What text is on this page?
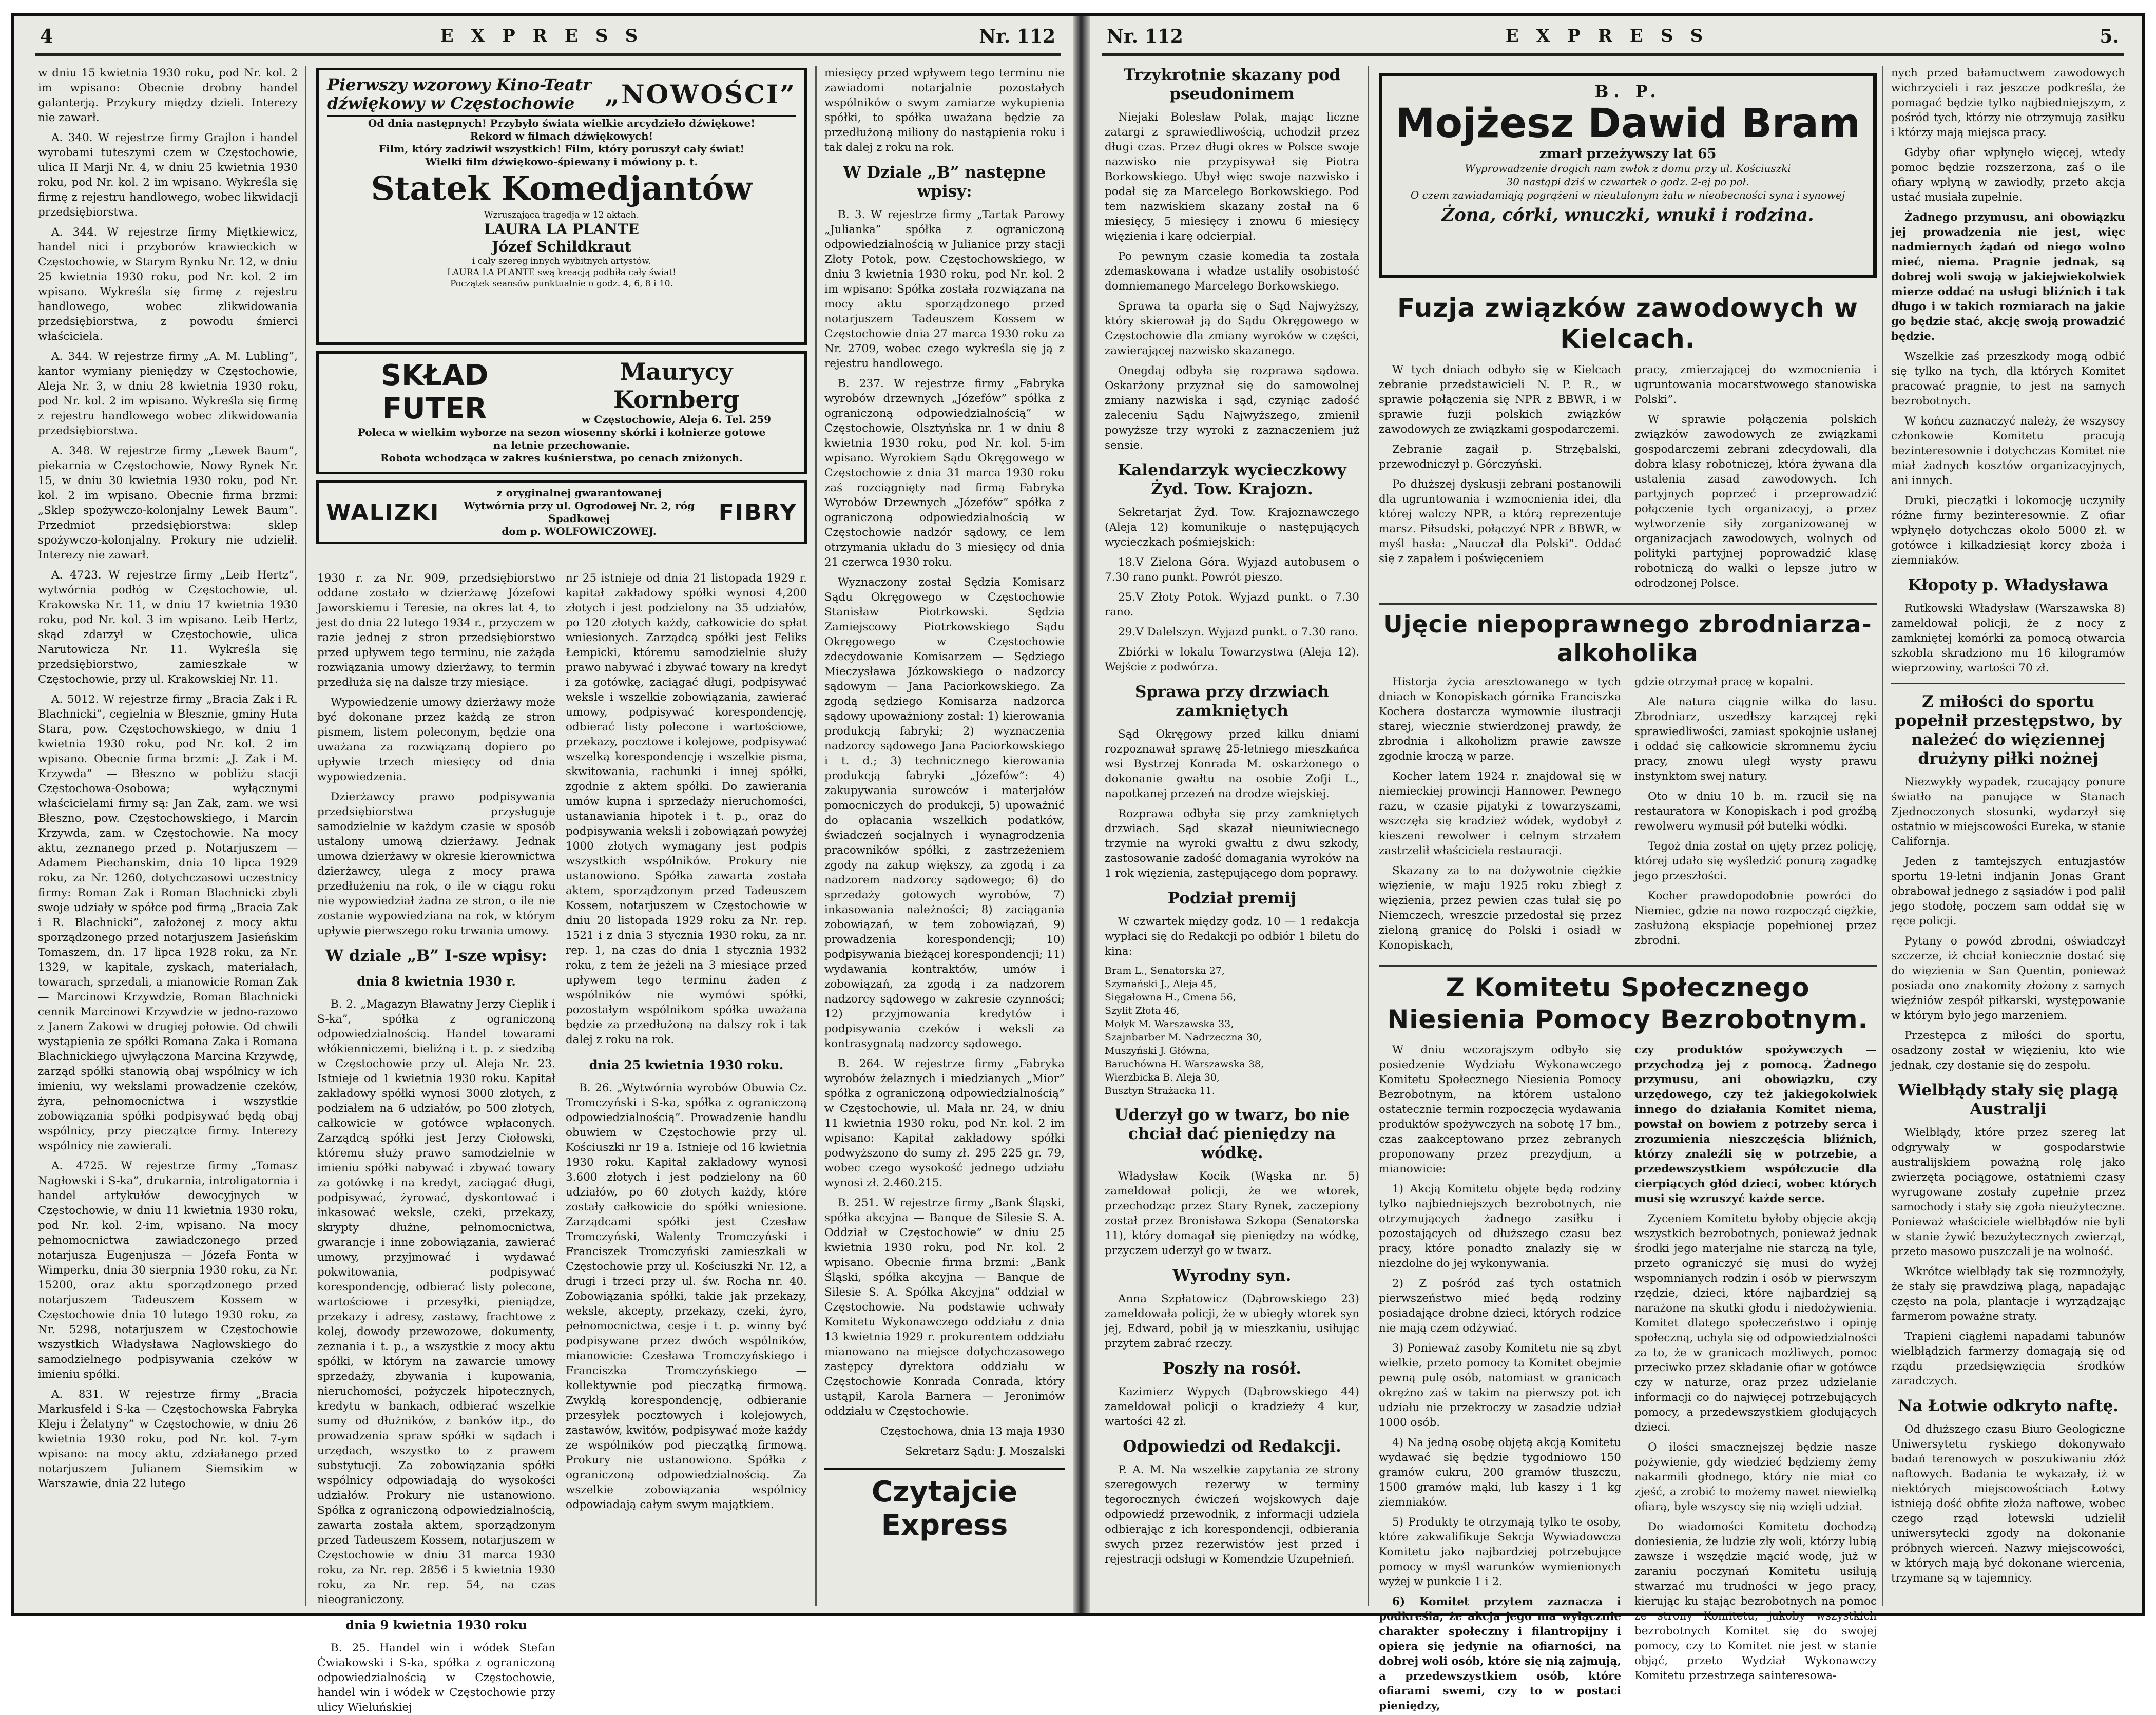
4	EXPRESS	Nr. 112

w dniu 15 kwietnia 1930 roku, pod Nr. kol. 2 im wpisano: Obecnie drobny handel galanterją. Przykury między dzieli. Interezy nie zawarł.

A. 340. W rejestrze firmy Grajlon i handel wyrobami tuteszymi czem w Częstochowie, ulica II Marji Nr. 4, w dniu 25 kwietnia 1930 roku, pod Nr. kol. 2 im wpisano. Wykreśla się firmę z rejestru handlowego, wobec likwidacji przedsiębiorstwa.

A. 344. W rejestrze firmy Miętkiewicz, handel nici i przyborów krawieckich w Częstochowie, w Starym Rynku Nr. 12, w dniu 25 kwietnia 1930 roku, pod Nr. kol. 2 im wpisano. Wykreśla się firmę z rejestru handlowego, wobec zlikwidowania przedsiębiorstwa, z powodu śmierci właściciela.

A. 344. W rejestrze firmy „A. M. Lubling”, kantor wymiany pieniędzy w Częstochowie, Aleja Nr. 3, w dniu 28 kwietnia 1930 roku, pod Nr. kol. 2 im wpisano. Wykreśla się firmę z rejestru handlowego wobec zlikwidowania przedsiębiorstwa.

A. 348. W rejestrze firmy „Lewek Baum”, piekarnia w Częstochowie, Nowy Rynek Nr. 15, w dniu 30 kwietnia 1930 roku, pod Nr. kol. 2 im wpisano. Obecnie firma brzmi: „Sklep spożywczo-kolonjalny Lewek Baum”. Przedmiot przedsiębiorstwa: sklep spożywczo-kolonjalny. Prokury nie udzielił. Interezy nie zawarł.

A. 4723. W rejestrze firmy „Leib Hertz”, wytwórnia podłóg w Częstochowie, ul. Krakowska Nr. 11, w dniu 17 kwietnia 1930 roku, pod Nr. kol. 3 im wpisano. Leib Hertz, skąd zdarzył w Częstochowie, ulica Narutowicza Nr. 11. Wykreśla się przedsiębiorstwo, zamieszkałe w Częstochowie, przy ul. Krakowskiej Nr. 11.

A. 5012. W rejestrze firmy „Bracia Zak i R. Blachnicki”, cegielnia w Błesznie, gminy Huta Stara, pow. Częstochowskiego, w dniu 1 kwietnia 1930 roku, pod Nr. kol. 2 im wpisano. Obecnie firma brzmi: „J. Zak i M. Krzywda” — Błeszno w pobliżu stacji Częstochowa-Osobowa; wyłącznymi właścicielami firmy są: Jan Zak, zam. we wsi Błeszno, pow. Częstochowskiego, i Marcin Krzywda, zam. w Częstochowie. Na mocy aktu, zeznanego przed p. Notarjuszem — Adamem Piechanskim, dnia 10 lipca 1929 roku, za Nr. 1260, dotychczasowi uczestnicy firmy: Roman Zak i Roman Blachnicki zbyli swoje udziały w spółce pod firmą „Bracia Zak i R. Blachnicki”, założonej z mocy aktu sporządzonego przed notarjuszem Jasieńskim Tomaszem, dn. 17 lipca 1928 roku, za Nr. 1329, w kapitale, zyskach, materiałach, towarach, sprzedali, a mianowicie Roman Zak — Marcinowi Krzywdzie, Roman Blachnicki cennik Marcinowi Krzywdzie w jedno-razowo z Janem Zakowi w drugiej połowie. Od chwili wystąpienia ze spółki Romana Zaka i Romana Blachnickiego ujwyłączona Marcina Krzywdę, zarząd spółki stanowią obaj wspólnicy w ich imieniu, wy wekslami prowadzenie czeków, żyra, pełnomocnictwa i wszystkie zobowiązania spółki podpisywać będą obaj wspólnicy, przy pieczątce firmy. Interezy wspólnicy nie zawierali.

A. 4725. W rejestrze firmy „Tomasz Nagłowski i S-ka”, drukarnia, introligatornia i handel artykułów dewocyjnych w Częstochowie, w dniu 11 kwietnia 1930 roku, pod Nr. kol. 2-im, wpisano. Na mocy pełnomocnictwa zawiadczonego przed notarjusza Eugenjusza — Józefa Fonta w Wimperku, dnia 30 sierpnia 1930 roku, za Nr. 15200, oraz aktu sporządzonego przed notarjuszem Tadeuszem Kossem w Częstochowie dnia 10 lutego 1930 roku, za Nr. 5298, notarjuszem w Częstochowie wszystkich Władysława Nagłowskiego do samodzielnego podpisywania czeków w imieniu spółki.

A. 831. W rejestrze firmy „Bracia Markusfeld i S-ka — Częstochowska Fabryka Kleju i Żelatyny” w Częstochowie, w dniu 26 kwietnia 1930 roku, pod Nr. kol. 7-ym wpisano: na mocy aktu, zdziałanego przed notarjuszem Julianem Siemsikim w Warszawie, dnia 22 lutego

Pierwszy wzorowy Kino-Teatr
dźwiękowy w Częstochowie	„NOWOŚCI”
Od dnia następnych! Przybyło świata wielkie arcydzieło dźwiękowe!
Rekord w filmach dźwiękowych!
Film, który zadziwił wszystkich! Film, który poruszył cały świat!
Wielki film dźwiękowo-śpiewany i mówiony p. t.
Statek Komedjantów
Wzruszająca tragedja w 12 aktach.
LAURA LA PLANTE
Józef Schildkraut
i cały szereg innych wybitnych artystów.
LAURA LA PLANTE swą kreacją podbiła cały świat!
Początek seansów punktualnie o godz. 4, 6, 8 i 10.
SKŁAD FUTER
Maurycy Kornberg
w Częstochowie, Aleja 6. Tel. 259
Poleca w wielkim wyborze na sezon wiosenny skórki i kołnierze gotowe
na letnie przechowanie.
Robota wchodząca w zakres kuśnierstwa, po cenach zniżonych.
WALIZKI
z oryginalnej gwarantowanej
Wytwórnia przy ul. Ogrodowej Nr. 2, róg Spadkowej
dom p. WOLFOWICZOWEJ.
FIBRY

1930 r. za Nr. 909, przedsiębiorstwo oddane zostało w dzierżawę Józefowi Jaworskiemu i Teresie, na okres lat 4, to jest do dnia 22 lutego 1934 r., przyczem w razie jednej z stron przedsiębiorstwo przed upływem tego terminu, nie zażąda rozwiązania umowy dzierżawy, to termin przedłuża się na dalsze trzy miesiące.

Wypowiedzenie umowy dzierżawy może być dokonane przez każdą ze stron pismem, listem poleconym, będzie ona uważana za rozwiązaną dopiero po upływie trzech miesięcy od dnia wypowiedzenia.

Dzierżawcy prawo podpisywania przedsiębiorstwa przysługuje samodzielnie w każdym czasie w sposób ustalony umową dzierżawy. Jednak umowa dzierżawy w okresie kierownictwa dzierżawcy, ulega z mocy prawa przedłużeniu na rok, o ile w ciągu roku nie wypowiedział żadna ze stron, o ile nie zostanie wypowiedziana na rok, w którym upływie pierwszego roku trwania umowy.

W dziale „B” I-sze wpisy:
dnia 8 kwietnia 1930 r.

B. 2. „Magazyn Bławatny Jerzy Cieplik i S-ka”, spółka z ograniczoną odpowiedzialnością. Handel towarami włókienniczemi, bieliźną i t. p. z siedzibą w Częstochowie przy ul. Aleja Nr. 23. Istnieje od 1 kwietnia 1930 roku. Kapitał zakładowy spółki wynosi 3000 złotych, z podziałem na 6 udziałów, po 500 złotych, całkowicie w gotówce wpłaconych. Zarządcą spółki jest Jerzy Ciołowski, któremu służy prawo samodzielnie w imieniu spółki nabywać i zbywać towary za gotówkę i na kredyt, zaciągać długi, podpisywać, żyrować, dyskontować i inkasować weksle, czeki, przekazy, skrypty dłużne, pełnomocnictwa, gwarancje i inne zobowiązania, zawierać umowy, przyjmować i wydawać pokwitowania, podpisywać korespondencję, odbierać listy polecone, wartościowe i przesyłki, pieniądze, przekazy i adresy, zastawy, frachtowe z kolej, dowody przewozowe, dokumenty, zeznania i t. p., a wszystkie z mocy aktu spółki, w którym na zawarcie umowy sprzedaży, zbywania i kupowania, nieruchomości, pożyczek hipotecznych, kredytu w bankach, odbierać wszelkie sumy od dłużników, z banków itp., do prowadzenia spraw spółki w sądach i urzędach, wszystko to z prawem substytucji. Za zobowiązania spółki wspólnicy odpowiadają do wysokości udziałów. Prokury nie ustanowiono. Spółka z ograniczoną odpowiedzialnością, zawarta została aktem, sporządzonym przed Tadeuszem Kossem, notarjuszem w Częstochowie w dniu 31 marca 1930 roku, za Nr. rep. 2856 i 5 kwietnia 1930 roku, za Nr. rep. 54, na czas nieograniczony.

dnia 9 kwietnia 1930 roku

B. 25. Handel win i wódek Stefan Ćwiakowski i S-ka, spółka z ograniczoną odpowiedzialnością w Częstochowie, handel win i wódek w Częstochowie przy ulicy Wieluńskiej

nr 25 istnieje od dnia 21 listopada 1929 r. kapitał zakładowy spółki wynosi 4,200 złotych i jest podzielony na 35 udziałów, po 120 złotych każdy, całkowicie do spłat wniesionych. Zarządcą spółki jest Feliks Łempicki, któremu samodzielnie służy prawo nabywać i zbywać towary na kredyt i za gotówkę, zaciągać długi, podpisywać weksle i wszelkie zobowiązania, zawierać umowy, podpisywać korespondencję, odbierać listy polecone i wartościowe, przekazy, pocztowe i kolejowe, podpisywać wszelką korespondencję i wszelkie pisma, skwitowania, rachunki i innej spółki, zgodnie z aktem spółki. Do zawierania umów kupna i sprzedaży nieruchomości, ustanawiania hipotek i t. p., oraz do podpisywania weksli i zobowiązań powyżej 1000 złotych wymagany jest podpis wszystkich wspólników. Prokury nie ustanowiono. Spółka zawarta została aktem, sporządzonym przed Tadeuszem Kossem, notarjuszem w Częstochowie w dniu 20 listopada 1929 roku za Nr. rep. 1521 i z dnia 3 stycznia 1930 roku, za nr. rep. 1, na czas do dnia 1 stycznia 1932 roku, z tem że jeżeli na 3 miesiące przed upływem tego terminu żaden z wspólników nie wymówi spółki, pozostałym wspólnikom spółka uważana będzie za przedłużoną na dalszy rok i tak dalej z roku na rok.

dnia 25 kwietnia 1930 roku.

B. 26. „Wytwórnia wyrobów Obuwia Cz. Tromczyński i S-ka, spółka z ograniczoną odpowiedzialnością”. Prowadzenie handlu obuwiem w Częstochowie przy ul. Kościuszki nr 19 a. Istnieje od 16 kwietnia 1930 roku. Kapitał zakładowy wynosi 3.600 złotych i jest podzielony na 60 udziałów, po 60 złotych każdy, które zostały całkowicie do spółki wniesione. Zarządcami spółki jest Czesław Tromczyński, Walenty Tromczyński i Franciszek Tromczyński zamieszkali w Częstochowie przy ul. Kościuszki Nr. 12, a drugi i trzeci przy ul. św. Rocha nr. 40. Zobowiązania spółki, takie jak przekazy, weksle, akcepty, przekazy, czeki, żyro, pełnomocnictwa, cesje i t. p. winny być podpisywane przez dwóch wspólników, mianowicie: Czesława Tromczyńskiego i Franciszka Tromczyńskiego — kollektywnie pod pieczątką firmową. Zwykłą korespondencję, odbieranie przesyłek pocztowych i kolejowych, zastawów, kwitów, podpisywać może każdy ze wspólników pod pieczątką firmową. Prokury nie ustanowiono. Spółka z ograniczoną odpowiedzialnością. Za wszelkie zobowiązania wspólnicy odpowiadają całym swym majątkiem.

miesięcy przed wpływem tego terminu nie zawiadomi notarjalnie pozostałych wspólników o swym zamiarze wykupienia spółki, to spółka uważana będzie za przedłużoną miliony do nastąpienia roku i tak dalej z roku na rok.

W Dziale „B” następne wpisy:

B. 3. W rejestrze firmy „Tartak Parowy „Julianka” spółka z ograniczoną odpowiedzialnością w Julianice przy stacji Złoty Potok, pow. Częstochowskiego, w dniu 3 kwietnia 1930 roku, pod Nr. kol. 2 im wpisano: Spółka została rozwiązana na mocy aktu sporządzonego przed notarjuszem Tadeuszem Kossem w Częstochowie dnia 27 marca 1930 roku za Nr. 2709, wobec czego wykreśla się ją z rejestru handlowego.

B. 237. W rejestrze firmy „Fabryka wyrobów drzewnych „Józefów” spółka z ograniczoną odpowiedzialnością” w Częstochowie, Olsztyńska nr. 1 w dniu 8 kwietnia 1930 roku, pod Nr. kol. 5-im wpisano. Wyrokiem Sądu Okręgowego w Częstochowie z dnia 31 marca 1930 roku zaś rozciągnięty nad firmą Fabryka Wyrobów Drzewnych „Józefów” spółka z ograniczoną odpowiedzialnością w Częstochowie nadzór sądowy, ce lem otrzymania układu do 3 miesięcy od dnia 21 czerwca 1930 roku.

Wyznaczony został Sędzia Komisarz Sądu Okręgowego w Częstochowie Stanisław Piotrkowski. Sędzia Zamiejscowy Piotrkowskiego Sądu Okręgowego w Częstochowie zdecydowanie Komisarzem — Sędziego Mieczysława Józkowskiego o nadzorcy sądowym — Jana Paciorkowskiego. Za zgodą sędziego Komisarza nadzorca sądowy upoważniony został: 1) kierowania produkcją fabryki; 2) wyznaczenia nadzorcy sądowego Jana Paciorkowskiego i t. d.; 3) technicznego kierowania produkcją fabryki „Józefów”: 4) zakupywania surowców i materjałów pomocniczych do produkcji, 5) upoważnić do opłacania wszelkich podatków, świadczeń socjalnych i wynagrodzenia pracowników spółki, z zastrzeżeniem zgody na zakup większy, za zgodą i za nadzorem nadzorcy sądowego; 6) do sprzedaży gotowych wyrobów, 7) inkasowania należności; 8) zaciągania zobowiązań, w tem zobowiązań, 9) prowadzenia korespondencji; 10) podpisywania bieżącej korespondencji; 11) wydawania kontraktów, umów i zobowiązań, za zgodą i za nadzorem nadzorcy sądowego w zakresie czynności; 12) przyjmowania kredytów i podpisywania czeków i weksli za kontrasygnatą nadzorcy sądowego.

B. 264. W rejestrze firmy „Fabryka wyrobów żelaznych i miedzianych „Mior” spółka z ograniczoną odpowiedzialnością” w Częstochowie, ul. Mała nr. 24, w dniu 11 kwietnia 1930 roku, pod Nr. kol. 2 im wpisano: Kapitał zakładowy spółki podwyższono do sumy zł. 295 225 gr. 79, wobec czego wysokość jednego udziału wynosi zł. 2.460.215.

B. 251. W rejestrze firmy „Bank Śląski, spółka akcyjna — Banque de Silesie S. A. Oddział w Częstochowie” w dniu 25 kwietnia 1930 roku, pod Nr. kol. 2 wpisano. Obecnie firma brzmi: „Bank Śląski, spółka akcyjna — Banque de Silesie S. A. Spółka Akcyjna” oddział w Częstochowie. Na podstawie uchwały Komitetu Wykonawczego oddziału z dnia 13 kwietnia 1929 r. prokurentem oddziału mianowano na miejsce dotychczasowego zastępcy dyrektora oddziału w Częstochowie Konrada Conrada, który ustąpił, Karola Barnera — Jeronimów oddziału w Częstochowie.

Częstochowa, dnia 13 maja 1930

Sekretarz Sądu: J. Moszalski

Czytajcie Express
Nr. 112	EXPRESS	5.
Trzykrotnie skazany pod pseudonimem

Niejaki Bolesław Polak, mając liczne zatargi z sprawiedliwością, uchodził przez długi czas. Przez długi okres w Polsce swoje nazwisko nie przypisywał się Piotra Borkowskiego. Ubył więc swoje nazwisko i podał się za Marcelego Borkowskiego. Pod tem nazwiskiem skazany został na 6 miesięcy, 5 miesięcy i znowu 6 miesięcy więzienia i karę odcierpiał.

Po pewnym czasie komedia ta została zdemaskowana i władze ustaliły osobistość domniemanego Marcelego Borkowskiego.

Sprawa ta oparła się o Sąd Najwyższy, który skierował ją do Sądu Okręgowego w Częstochowie dla zmiany wyroków w części, zawierającej nazwisko skazanego.

Onegdaj odbyła się rozprawa sądowa. Oskarżony przyznał się do samowolnej zmiany nazwiska i sąd, czyniąc zadość zaleceniu Sądu Najwyższego, zmienił powyższe trzy wyroki z zaznaczeniem już sensie.

Kalendarzyk wycieczkowy Żyd. Tow. Krajozn.

Sekretarjat Żyd. Tow. Krajoznawczego (Aleja 12) komunikuje o następujących wycieczkach pośmiejskich:

18.V Zielona Góra. Wyjazd autobusem o 7.30 rano punkt. Powrót pieszo.

25.V Złoty Potok. Wyjazd punkt. o 7.30 rano.

29.V Dalelszyn. Wyjazd punkt. o 7.30 rano.

Zbiórki w lokalu Towarzystwa (Aleja 12). Wejście z podwórza.

Sprawa przy drzwiach zamkniętych

Sąd Okręgowy przed kilku dniami rozpoznawał sprawę 25-letniego mieszkańca wsi Bystrzej Konrada M. oskarżonego o dokonanie gwałtu na osobie Zofji L., napotkanej przezeń na drodze wiejskiej.

Rozprawa odbyła się przy zamkniętych drzwiach. Sąd skazał nieuniwiecnego trzymie na wyroki gwałtu z dwu szkody, zastosowanie zadość domagania wyroków na 1 rok więzienia, zastępującego dom poprawy.

Podział premij

W czwartek między godz. 10 — 1 redakcja wypłaci się do Redakcji po odbiór 1 biletu do kina:

Bram L., Senatorska 27,

Szymański J., Aleja 45,

Sięgałowna H., Cmena 56,

Szylit Złota 46,

Mołyk M. Warszawska 33,

Szajnbarber M. Nadrzeczna 30,

Muszyński J. Główna,

Baruchówna H. Warszawska 38,

Wierzbicka B. Aleja 30,

Busztyn Strażacka 11.

Uderzył go w twarz, bo nie chciał dać pieniędzy na wódkę.

Władysław Kocik (Wąska nr. 5) zameldował policji, że we wtorek, przechodząc przez Stary Rynek, zaczepiony został przez Bronisława Szkopa (Senatorska 11), który domagał się pieniędzy na wódkę, przyczem uderzył go w twarz.

Wyrodny syn.

Anna Szpłatowicz (Dąbrowskiego 23) zameldowała policji, że w ubiegły wtorek syn jej, Edward, pobił ją w mieszkaniu, usiłując przytem zabrać rzeczy.

Poszły na rosół.

Kazimierz Wypych (Dąbrowskiego 44) zameldował policji o kradzieży 4 kur, wartości 42 zł.

Odpowiedzi od Redakcji.

P. A. M. Na wszelkie zapytania ze strony szeregowych rezerwy w terminy tegorocznych ćwiczeń wojskowych daje odpowiedź przewodnik, z informacji udziela odbierając z ich korespondencji, odbierania swych przez rezerwistów jest przed i rejestracji odsługi w Komendzie Uzupełnień.

B. P.
Mojżesz Dawid Bram
zmarł przeżywszy lat 65
Wyprowadzenie drogich nam zwłok z domu przy ul. Kościuszki
30 nastąpi dziś w czwartek o godz. 2-ej po poł.
O czem zawiadamiają pogrążeni w nieutulonym żalu w nieobecności syna i synowej
Żona, córki, wnuczki, wnuki i rodzina.
Fuzja związków zawodowych w Kielcach.

W tych dniach odbyło się w Kielcach zebranie przedstawicieli N. P. R., w sprawie połączenia się NPR z BBWR, i w sprawie fuzji polskich związków zawodowych ze związkami gospodarczemi.

Zebranie zagaił p. Strzębalski, przewodniczył p. Górczyński.

Po dłuższej dyskusji zebrani postanowili dla ugruntowania i wzmocnienia idei, dla której walczy NPR, a którą reprezentuje marsz. Piłsudski, połączyć NPR z BBWR, w myśl hasła: „Nauczał dla Polski”. Oddać się z zapałem i poświęceniem

pracy, zmierzającej do wzmocnienia i ugruntowania mocarstwowego stanowiska Polski”.

W sprawie połączenia polskich związków zawodowych ze związkami gospodarczemi zebrani zdecydowali, dla dobra klasy robotniczej, która żywana dla ustalenia zasad zawodowych. Ich partyjnych poprzeć i przeprowadzić połączenie tych organizacyj, a przez wytworzenie siły zorganizowanej w organizacjach zawodowych, wolnych od polityki partyjnej poprowadzić klasę robotniczą do walki o lepsze jutro w odrodzonej Polsce.

Ujęcie niepoprawnego zbrodniarza-alkoholika

Historja życia aresztowanego w tych dniach w Konopiskach górnika Franciszka Kochera dostarcza wymownie ilustracji starej, wiecznie stwierdzonej prawdy, że zbrodnia i alkoholizm prawie zawsze zgodnie kroczą w parze.

Kocher latem 1924 r. znajdował się w niemieckiej prowincji Hannower. Pewnego razu, w czasie pijatyki z towarzyszami, wszczęła się kradzież wódek, wydobył z kieszeni rewolwer i celnym strzałem zastrzelił właściciela restauracji.

Skazany za to na dożywotnie ciężkie więzienie, w maju 1925 roku zbiegł z więzienia, przez pewien czas tułał się po Niemczech, wreszcie przedostał się przez zieloną granicę do Polski i osiadł w Konopiskach,

gdzie otrzymał pracę w kopalni.

Ale natura ciągnie wilka do lasu. Zbrodniarz, uszedłszy karzącej ręki sprawiedliwości, zamiast spokojnie usłanej i oddać się całkowicie skromnemu życiu pracy, znowu uległ wysty prawu instynktom swej natury.

Oto w dniu 10 b. m. rzucił się na restauratora w Konopiskach i pod groźbą rewolweru wymusił pół butelki wódki.

Tegoż dnia został on ujęty przez policję, której udało się wyśledzić ponurą zagadkę jego przeszłości.

Kocher prawdopodobnie powróci do Niemiec, gdzie na nowo rozpocząć ciężkie, zasłużoną ekspiacje popełnionej przez zbrodni.

Z Komitetu Społecznego Niesienia Pomocy Bezrobotnym.

W dniu wczorajszym odbyło się posiedzenie Wydziału Wykonawczego Komitetu Społecznego Niesienia Pomocy Bezrobotnym, na którem ustalono ostatecznie termin rozpoczęcia wydawania produktów spożywczych na sobotę 17 bm., czas zaakceptowano przez zebranych proponowany przez prezydjum, a mianowicie:

1) Akcją Komitetu objęte będą rodziny tylko najbiedniejszych bezrobotnych, nie otrzymujących żadnego zasiłku i pozostających od dłuższego czasu bez pracy, które ponadto znalazły się w niezdolne do jej wykonywania.

2) Z pośród zaś tych ostatnich pierwszeństwo mieć będą rodziny posiadające drobne dzieci, których rodzice nie mają czem odżywiać.

3) Ponieważ zasoby Komitetu nie są zbyt wielkie, przeto pomocy ta Komitet obejmie pewną pulę osób, natomiast w granicach okrężno zaś w takim na pierwszy pot ich udziału nie przekroczy w zasadzie udział 1000 osób.

4) Na jedną osobę objętą akcją Komitetu wydawać się będzie tygodniowo 150 gramów cukru, 200 gramów tłuszczu, 1500 gramów mąki, lub kaszy i 1 kg ziemniaków.

5) Produkty te otrzymają tylko te osoby, które zakwalifikuje Sekcja Wywiadowcza Komitetu jako najbardziej potrzebujące pomocy w myśl warunków wymienionych wyżej w punkcie 1 i 2.

6) Komitet przytem zaznacza i podkreśla, że akcja jego ma wyłącznie charakter społeczny i filantropijny i opiera się jedynie na ofiarności, na dobrej woli osób, które się nią zajmują, a przedewszystkiem osób, które ofiarami swemi, czy to w postaci pieniędzy,

czy produktów spożywczych — przychodzą jej z pomocą. Żadnego przymusu, ani obowiązku, czy urzędowego, czy też jakiegokolwiek innego do działania Komitet niema, powstał on bowiem z potrzeby serca i zrozumienia nieszczęścia bliźnich, którzy znaleźli się w potrzebie, a przedewszystkiem współczucie dla cierpiących głód dzieci, wobec których musi się wzruszyć każde serce.

Zyceniem Komitetu byłoby objęcie akcją wszystkich bezrobotnych, ponieważ jednak środki jego materjalne nie starczą na tyle, przeto ograniczyć się musi do wyżej wspomnianych rodzin i osób w pierwszym rzędzie, dzieci, które najbardziej są narażone na skutki głodu i niedożywienia. Komitet dlatego społeczeństwo i opinję społeczną, uchyla się od odpowiedzialności za to, że w granicach możliwych, pomoc przeciwko przez składanie ofiar w gotówce czy w naturze, oraz przez udzielanie informacji co do najwięcej potrzebujących pomocy, a przedewszystkiem głodujących dzieci.

O ilości smacznejszej będzie nasze pożywienie, gdy wiedzieć będziemy żemy nakarmili głodnego, który nie miał co zjeść, a zrobić to możemy nawet niewielką ofiarą, byle wszyscy się nią wzięli udział.

Do wiadomości Komitetu dochodzą doniesienia, że ludzie zły woli, którzy lubią zawsze i wszędzie mącić wodę, już w zaraniu poczynań Komitetu usiłują stwarzać mu trudności w jego pracy, kierując ku stając bezrobotnych na pomoc ze strony Komitetu, jakoby wszystkich bezrobotnych Komitet się do swojej pomocy, czy to Komitet nie jest w stanie objąć, przeto Wydział Wykonawczy Komitetu przestrzega sainteresowa-

nych przed bałamuctwem zawodowych wichrzycieli i raz jeszcze podkreśla, że pomagać będzie tylko najbiedniejszym, z pośród tych, którzy nie otrzymują zasiłku i którzy mają miejsca pracy.

Gdyby ofiar wpłynęło więcej, wtedy pomoc będzie rozszerzona, zaś o ile ofiary wpłyną w zawiodły, przeto akcja ustać musiała zupełnie.

Żadnego przymusu, ani obowiązku jej prowadzenia nie jest, więc nadmiernych żądań od niego wolno mieć, niema. Pragnie jednak, są dobrej woli swoją w jakiejwiekolwiek mierze oddać na usługi bliźnich i tak długo i w takich rozmiarach na jakie go będzie stać, akcję swoją prowadzić będzie.

Wszelkie zaś przeszkody mogą odbić się tylko na tych, dla których Komitet pracować pragnie, to jest na samych bezrobotnych.

W końcu zaznaczyć należy, że wszyscy członkowie Komitetu pracują bezinteresownie i dotychczas Komitet nie miał żadnych kosztów organizacyjnych, ani innych.

Druki, pieczątki i lokomocję uczyniły różne firmy bezinteresownie. Z ofiar wpłynęło dotychczas około 5000 zł. w gotówce i kilkadziesiąt korcy zboża i ziemniaków.

Kłopoty p. Władysława

Rutkowski Władysław (Warszawska 8) zameldował policji, że z nocy z zamkniętej komórki za pomocą otwarcia szkobla skradziono mu 16 kilogramów wieprzowiny, wartości 70 zł.

Z miłości do sportu popełnił przestępstwo, by należeć do więziennej drużyny piłki nożnej

Niezwykły wypadek, rzucający ponure światło na panujące w Stanach Zjednoczonych stosunki, wydarzył się ostatnio w miejscowości Eureka, w stanie Californja.

Jeden z tamtejszych entuzjastów sportu 19-letni indjanin Jonas Grant obrabował jednego z sąsiadów i pod palił jego stodołę, poczem sam oddał się w ręce policji.

Pytany o powód zbrodni, oświadczył szczerze, iż chciał koniecznie dostać się do więzienia w San Quentin, ponieważ posiada ono znakomity złożony z samych więźniów zespół piłkarski, występowanie w którym było jego marzeniem.

Przestępca z miłości do sportu, osadzony został w więzieniu, kto wie jednak, czy dostanie się do zespołu.

Wielbłądy stały się plagą Australji

Wielbłądy, które przez szereg lat odgrywały w gospodarstwie australijskiem poważną rolę jako zwierzęta pociągowe, ostatniemi czasy wyrugowane zostały zupełnie przez samochody i stały się zgoła nieużyteczne. Ponieważ właściciele wielbłądów nie byli w stanie żywić bezużytecznych zwierząt, przeto masowo puszczali je na wolność.

Wkrótce wielbłądy tak się rozmnożyły, że stały się prawdziwą plagą, napadając często na pola, plantacje i wyrządzając farmerom poważne straty.

Trapieni ciągłemi napadami tabunów wielbłądzich farmerzy domagają się od rządu przedsięwzięcia środków zaradczych.

Na Łotwie odkryto naftę.

Od dłuższego czasu Biuro Geologiczne Uniwersytetu ryskiego dokonywało badań terenowych w poszukiwaniu złóż naftowych. Badania te wykazały, iż w niektórych miejscowościach Łotwy istnieją dość obfite złoża naftowe, wobec czego rząd łotewski udzielił uniwersytecki zgody na dokonanie próbnych wierceń. Nazwy miejscowości, w których mają być dokonane wiercenia, trzymane są w tajemnicy.
